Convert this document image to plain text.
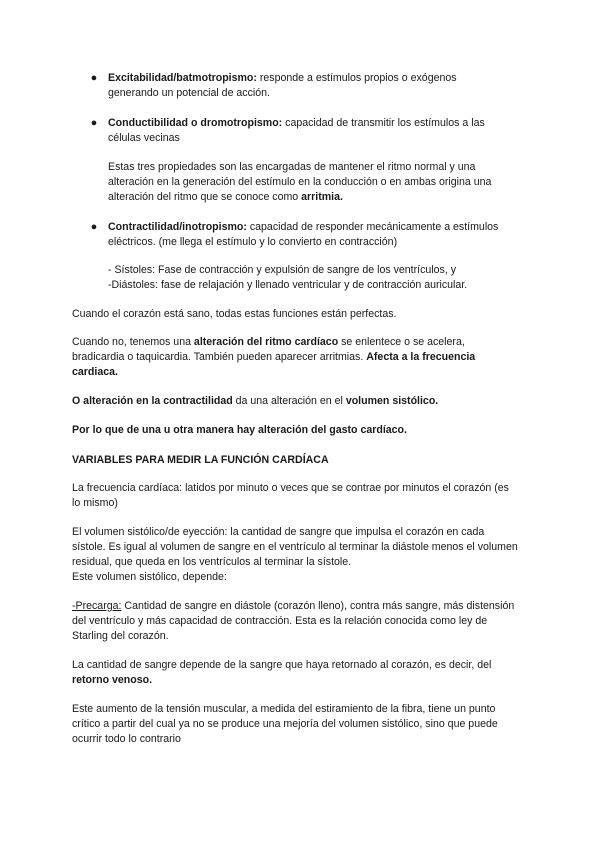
● Excitabilidad/batmotropismo: responde a estímulos propios o exógenos generando un potencial de acción.

● Conductibilidad o dromotropismo: capacidad de transmitir los estímulos a las células vecinas

Estas tres propiedades son las encargadas de mantener el ritmo normal y una alteración en la generación del estímulo en la conducción o en ambas origina una alteración del ritmo que se conoce como arritmia.

● Contractilidad/inotropismo: capacidad de responder mecánicamente a estímulos eléctricos. (me llega el estímulo y lo convierto en contracción)

- Sístoles: Fase de contracción y expulsión de sangre de los ventrículos, y

-Diástoles: fase de relajación y llenado ventricular y de contracción auricular.

Cuando el corazón está sano, todas estas funciones están perfectas.

Cuando no, tenemos una alteración del ritmo cardíaco se enlentece o se acelera, bradicardia o taquicardia. También pueden aparecer arritmias. Afecta a la frecuencia cardiaca.

O alteración en la contractilidad da una alteración en el volumen sistólico.

Por lo que de una u otra manera hay alteración del gasto cardíaco.

VARIABLES PARA MEDIR LA FUNCIÓN CARDÍACA

La frecuencia cardíaca: latidos por minuto o veces que se contrae por minutos el corazón (es lo mismo)

El volumen sistólico/de eyección: la cantidad de sangre que impulsa el corazón en cada sístole. Es igual al volumen de sangre en el ventrículo al terminar la diástole menos el volumen residual, que queda en los ventrículos al terminar la sístole.

Este volumen sistólico, depende:

-Precarga: Cantidad de sangre en diástole (corazón lleno), contra más sangre, más distensión del ventrículo y más capacidad de contracción. Esta es la relación conocida como ley de Starling del corazón.

La cantidad de sangre depende de la sangre que haya retornado al corazón, es decir, del retorno venoso.

Este aumento de la tensión muscular, a medida del estiramiento de la fibra, tiene un punto crítico a partir del cual ya no se produce una mejoría del volumen sistólico, sino que puede ocurrir todo lo contrario
